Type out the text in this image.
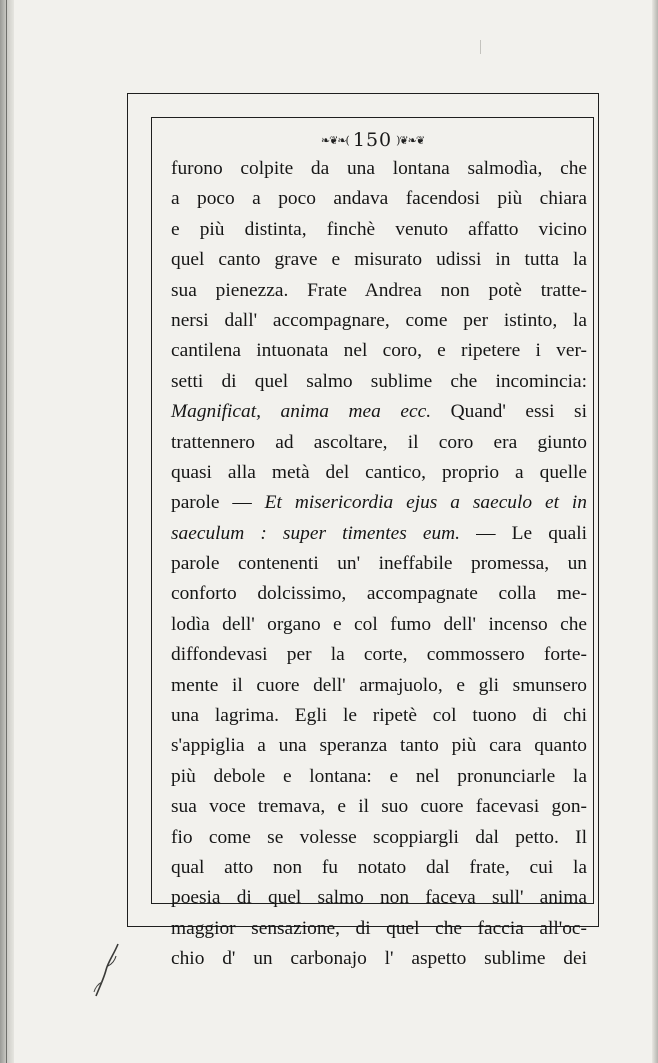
❧❦❧( 150 )❦❧❦
furono colpite da una lontana salmodìa, che
a poco a poco andava facendosi più chiara
e più distinta, finchè venuto affatto vicino
quel canto grave e misurato udissi in tutta la
sua pienezza. Frate Andrea non potè tratte-
nersi dall' accompagnare, come per istinto, la
cantilena intuonata nel coro, e ripetere i ver-
setti di quel salmo sublime che incomincia:
Magnificat, anima mea ecc. Quand' essi si
trattennero ad ascoltare, il coro era giunto
quasi alla metà del cantico, proprio a quelle
parole — Et misericordia ejus a saeculo et in
saeculum : super timentes eum. — Le quali
parole contenenti un' ineffabile promessa, un
conforto dolcissimo, accompagnate colla me-
lodìa dell' organo e col fumo dell' incenso che
diffondevasi per la corte, commossero forte-
mente il cuore dell' armajuolo, e gli smunsero
una lagrima. Egli le ripetè col tuono di chi
s'appiglia a una speranza tanto più cara quanto
più debole e lontana: e nel pronunciarle la
sua voce tremava, e il suo cuore facevasi gon-
fio come se volesse scoppiargli dal petto. Il
qual atto non fu notato dal frate, cui la
poesia di quel salmo non faceva sull' anima
maggior sensazione, di quel che faccia all'oc-
chio d' un carbonajo l' aspetto sublime dei
